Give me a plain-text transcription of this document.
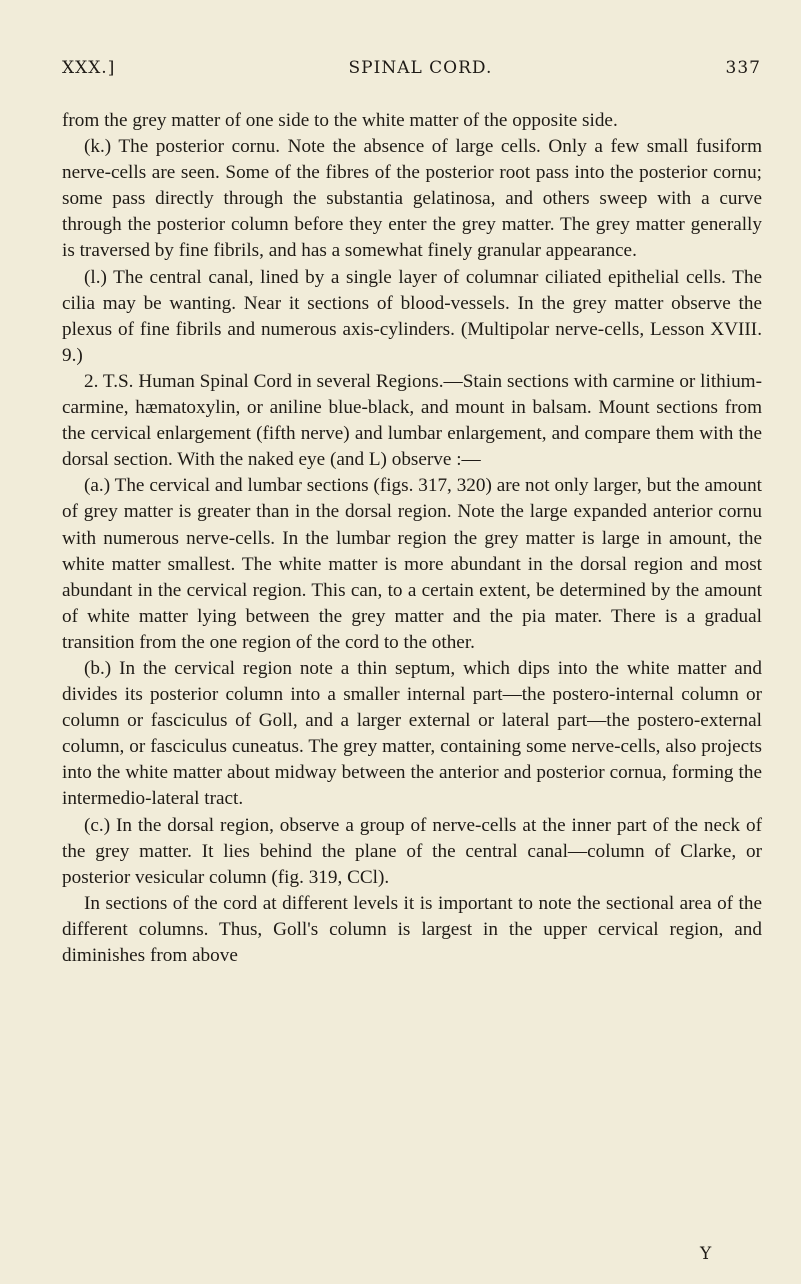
XXX.]	SPINAL CORD.	337

from the grey matter of one side to the white matter of the opposite side.

(k.) The posterior cornu. Note the absence of large cells. Only a few small fusiform nerve-cells are seen. Some of the fibres of the posterior root pass into the posterior cornu; some pass directly through the substantia gelatinosa, and others sweep with a curve through the posterior column before they enter the grey matter. The grey matter generally is traversed by fine fibrils, and has a somewhat finely granular appearance.

(l.) The central canal, lined by a single layer of columnar ciliated epithelial cells. The cilia may be wanting. Near it sections of blood-vessels. In the grey matter observe the plexus of fine fibrils and numerous axis-cylinders. (Multipolar nerve-cells, Lesson XVIII. 9.)

2. T.S. Human Spinal Cord in several Regions.—Stain sections with carmine or lithium-carmine, hæmatoxylin, or aniline blue-black, and mount in balsam. Mount sections from the cervical enlargement (fifth nerve) and lumbar enlargement, and compare them with the dorsal section. With the naked eye (and L) observe :—

(a.) The cervical and lumbar sections (figs. 317, 320) are not only larger, but the amount of grey matter is greater than in the dorsal region. Note the large expanded anterior cornu with numerous nerve-cells. In the lumbar region the grey matter is large in amount, the white matter smallest. The white matter is more abundant in the dorsal region and most abundant in the cervical region. This can, to a certain extent, be determined by the amount of white matter lying between the grey matter and the pia mater. There is a gradual transition from the one region of the cord to the other.

(b.) In the cervical region note a thin septum, which dips into the white matter and divides its posterior column into a smaller internal part—the postero-internal column or column or fasciculus of Goll, and a larger external or lateral part—the postero-external column, or fasciculus cuneatus. The grey matter, containing some nerve-cells, also projects into the white matter about midway between the anterior and posterior cornua, forming the intermedio-lateral tract.

(c.) In the dorsal region, observe a group of nerve-cells at the inner part of the neck of the grey matter. It lies behind the plane of the central canal—column of Clarke, or posterior vesicular column (fig. 319, CCl).

In sections of the cord at different levels it is important to note the sectional area of the different columns. Thus, Goll's column is largest in the upper cervical region, and diminishes from above

Y
